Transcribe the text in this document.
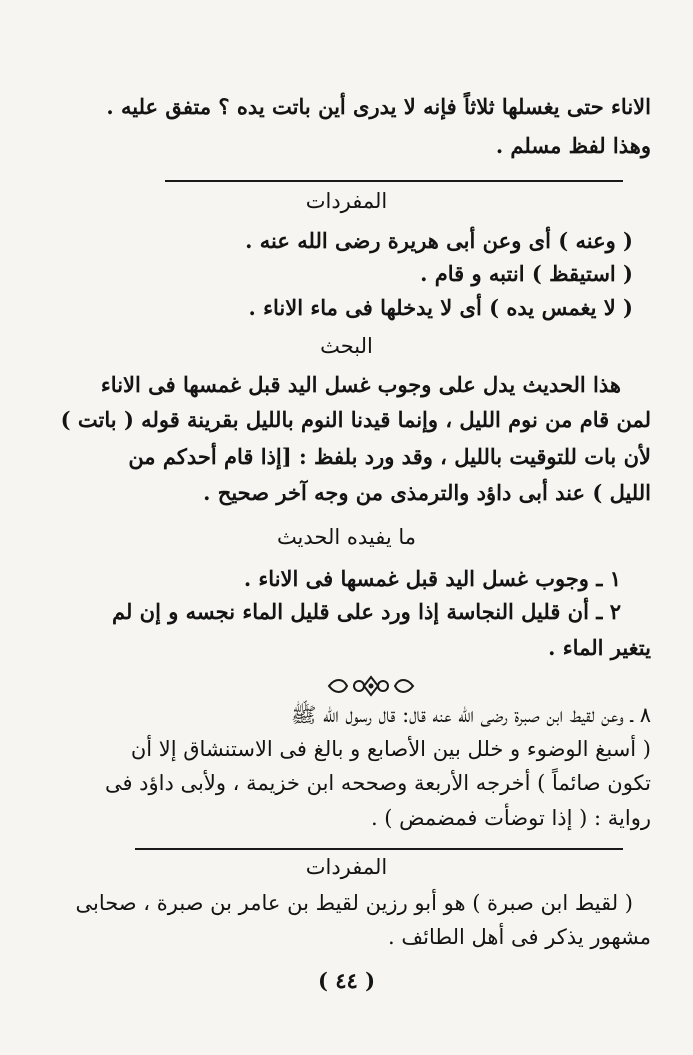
الاناء حتى يغسلها ثلاثاً فإنه لا يدرى أين باتت يده ؟ متفق عليه .
وهذا لفظ مسلم .
المفردات
( وعنه ) أى وعن أبى هريرة رضى الله عنه .
( استيقظ ) انتبه و قام .
( لا يغمس يده ) أى لا يدخلها فى ماء الاناء .
البحث
هذا الحديث يدل على وجوب غسل اليد قبل غمسها فى الاناء
لمن قام من نوم الليل ، وإنما قيدنا النوم بالليل بقرينة قوله ( باتت )
لأن بات للتوقيت بالليل ، وقد ورد بلفظ : [إذا قام أحدكم من
الليل ) عند أبى داؤد والترمذى من وجه آخر صحيح .
ما يفيده الحديث
١ ـ وجوب غسل اليد قبل غمسها فى الاناء .
٢ ـ أن قليل النجاسة إذا ورد على قليل الماء نجسه و إن لم
يتغير الماء .
٨ ـ وعن لقيط ابن صبرة رضى الله عنه قال: قال رسول الله ﷺ
( أسبغ الوضوء و خلل بين الأصابع و بالغ فى الاستنشاق إلا أن
تكون صائماً ) أخرجه الأربعة وصححه ابن خزيمة ، ولأبى داؤد فى
رواية : ( إذا توضأت فمضمض ) .
المفردات
( لقيط ابن صبرة ) هو أبو رزين لقيط بن عامر بن صبرة ، صحابى
مشهور يذكر فى أهل الطائف .
( ٤٤ )
